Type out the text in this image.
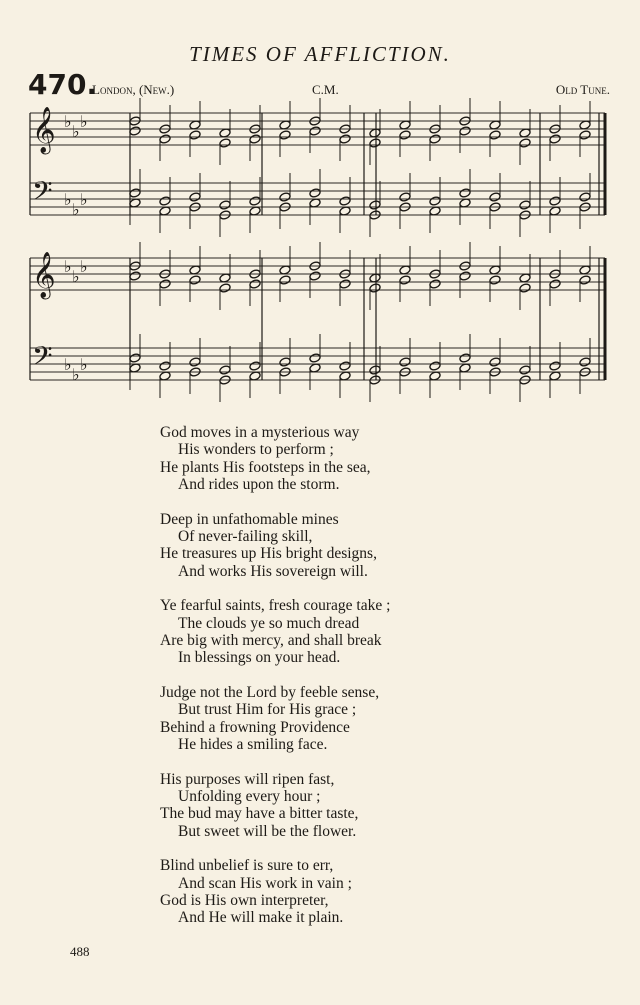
TIMES OF AFFLICTION.
470.
London, (New.)	C.M.	Old Tune.
𝄞 ♭
♭
♭
𝄢 ♭
♭
♭
𝄞 ♭
♭
♭
𝄢 ♭
♭
♭
God moves in a mysterious way
His wonders to perform ;
He plants His footsteps in the sea,
And rides upon the storm.
Deep in unfathomable mines
Of never-failing skill,
He treasures up His bright designs,
And works His sovereign will.
Ye fearful saints, fresh courage take ;
The clouds ye so much dread
Are big with mercy, and shall break
In blessings on your head.
Judge not the Lord by feeble sense,
But trust Him for His grace ;
Behind a frowning Providence
He hides a smiling face.
His purposes will ripen fast,
Unfolding every hour ;
The bud may have a bitter taste,
But sweet will be the flower.
Blind unbelief is sure to err,
And scan His work in vain ;
God is His own interpreter,
And He will make it plain.
488
